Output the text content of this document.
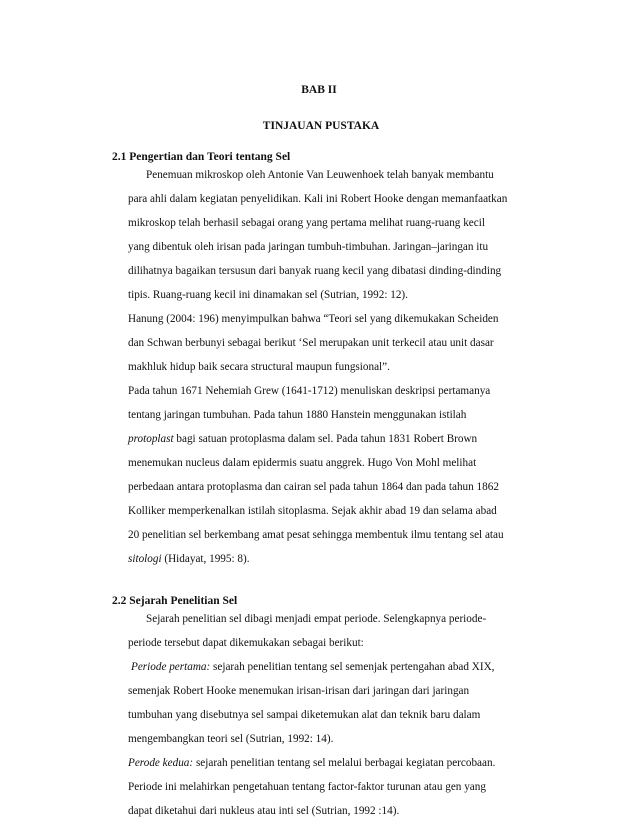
BAB II
TINJAUAN PUSTAKA
2.1 Pengertian dan Teori tentang Sel
Penemuan mikroskop oleh Antonie Van Leuwenhoek telah banyak membantu
para ahli dalam kegiatan penyelidikan. Kali ini Robert Hooke dengan memanfaatkan
mikroskop telah berhasil sebagai orang yang pertama melihat ruang-ruang kecil
yang dibentuk oleh irisan pada jaringan tumbuh-timbuhan. Jaringan–jaringan itu
dilihatnya bagaikan tersusun dari banyak ruang kecil yang dibatasi dinding-dinding
tipis. Ruang-ruang kecil ini dinamakan sel (Sutrian, 1992: 12).
Hanung (2004: 196) menyimpulkan bahwa “Teori sel yang dikemukakan Scheiden
dan Schwan berbunyi sebagai berikut ‘Sel merupakan unit terkecil atau unit dasar
makhluk hidup baik secara structural maupun fungsional”.
Pada tahun 1671 Nehemiah Grew (1641-1712) menuliskan deskripsi pertamanya
tentang jaringan tumbuhan. Pada tahun 1880 Hanstein menggunakan istilah
protoplast bagi satuan protoplasma dalam sel. Pada tahun 1831 Robert Brown
menemukan nucleus dalam epidermis suatu anggrek. Hugo Von Mohl melihat
perbedaan antara protoplasma dan cairan sel pada tahun 1864 dan pada tahun 1862
Kolliker memperkenalkan istilah sitoplasma. Sejak akhir abad 19 dan selama abad
20 penelitian sel berkembang amat pesat sehingga membentuk ilmu tentang sel atau
sitologi (Hidayat, 1995: 8).
2.2 Sejarah Penelitian Sel
Sejarah penelitian sel dibagi menjadi empat periode. Selengkapnya periode-
periode tersebut dapat dikemukakan sebagai berikut:
Periode pertama: sejarah penelitian tentang sel semenjak pertengahan abad XIX,
semenjak Robert Hooke menemukan irisan-irisan dari jaringan dari jaringan
tumbuhan yang disebutnya sel sampai diketemukan alat dan teknik baru dalam
mengembangkan teori sel (Sutrian, 1992: 14).
Perode kedua: sejarah penelitian tentang sel melalui berbagai kegiatan percobaan.
Periode ini melahirkan pengetahuan tentang factor-faktor turunan atau gen yang
dapat diketahui dari nukleus atau inti sel (Sutrian, 1992 :14).
